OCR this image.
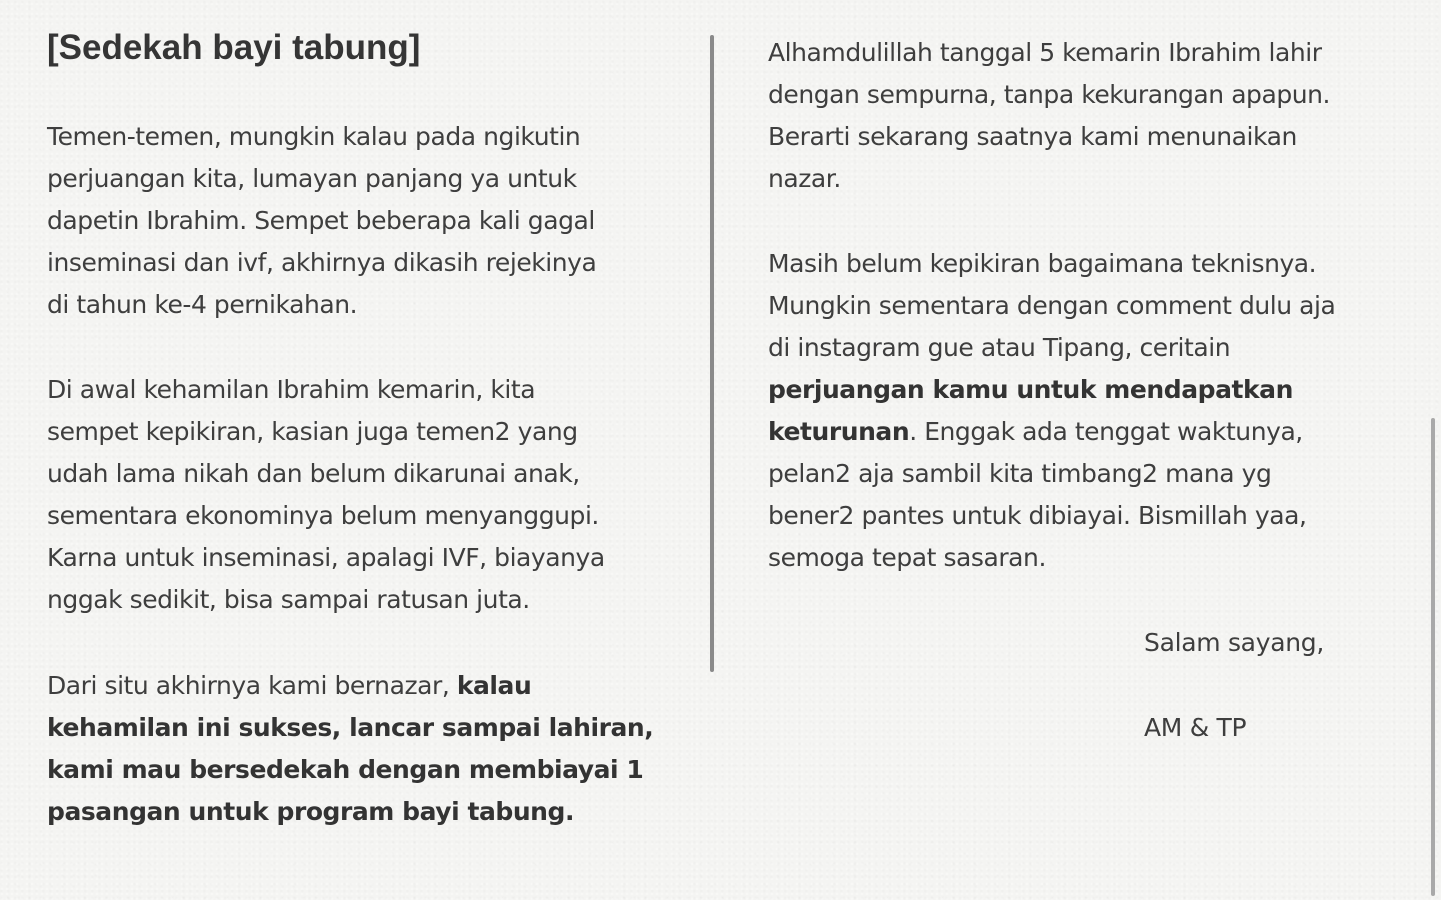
[Sedekah bayi tabung]

Temen-temen, mungkin kalau pada ngikutin
perjuangan kita, lumayan panjang ya untuk
dapetin Ibrahim. Sempet beberapa kali gagal
inseminasi dan ivf, akhirnya dikasih rejekinya
di tahun ke-4 pernikahan.

Di awal kehamilan Ibrahim kemarin, kita
sempet kepikiran, kasian juga temen2 yang
udah lama nikah dan belum dikarunai anak,
sementara ekonominya belum menyanggupi.
Karna untuk inseminasi, apalagi IVF, biayanya
nggak sedikit, bisa sampai ratusan juta.

Dari situ akhirnya kami bernazar, kalau
kehamilan ini sukses, lancar sampai lahiran,
kami mau bersedekah dengan membiayai 1
pasangan untuk program bayi tabung.

Alhamdulillah tanggal 5 kemarin Ibrahim lahir
dengan sempurna, tanpa kekurangan apapun.
Berarti sekarang saatnya kami menunaikan
nazar.

Masih belum kepikiran bagaimana teknisnya.
Mungkin sementara dengan comment dulu aja
di instagram gue atau Tipang, ceritain
perjuangan kamu untuk mendapatkan
keturunan. Enggak ada tenggat waktunya,
pelan2 aja sambil kita timbang2 mana yg
bener2 pantes untuk dibiayai. Bismillah yaa,
semoga tepat sasaran.

Salam sayang,

AM & TP
